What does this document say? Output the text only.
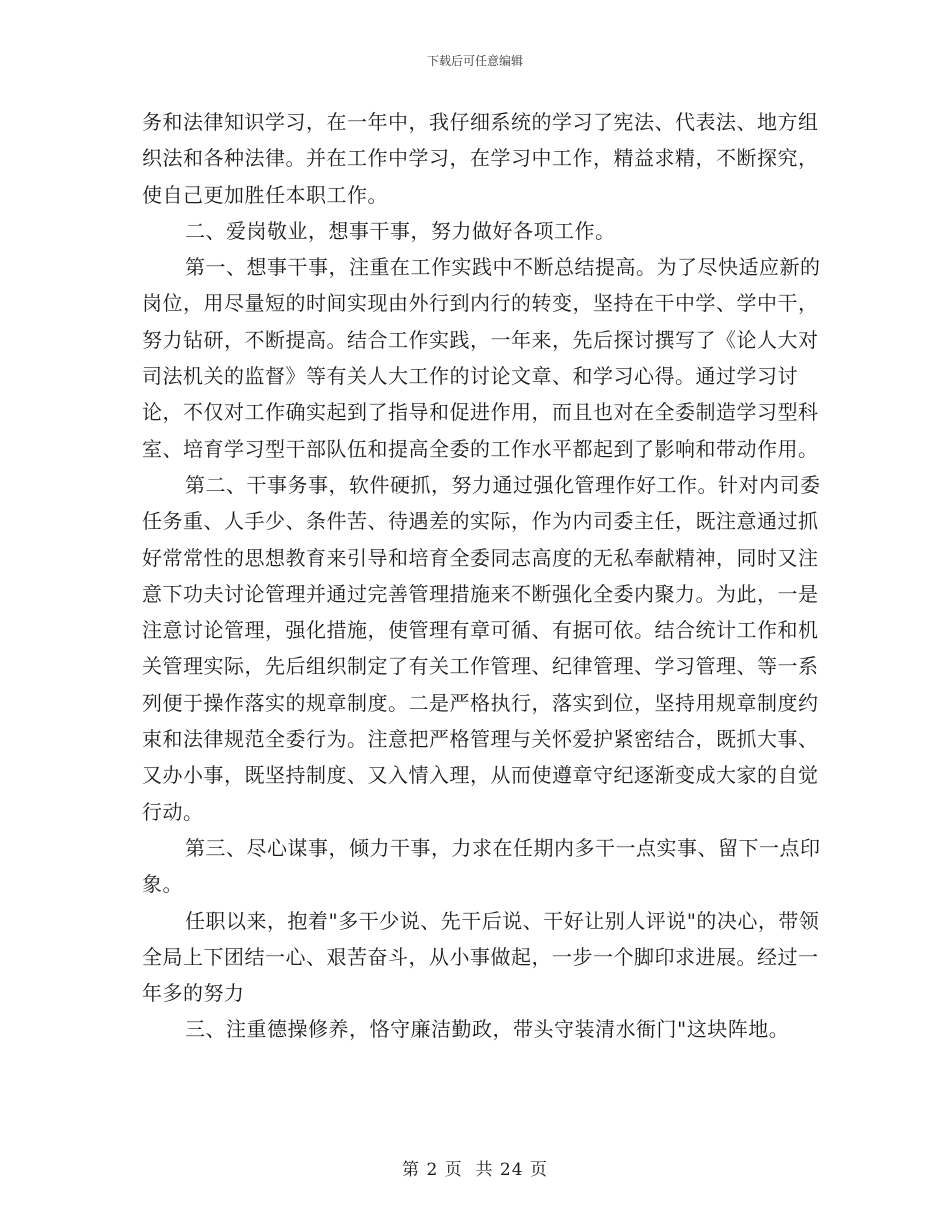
下载后可任意编辑

务和法律知识学习，在一年中，我仔细系统的学习了宪法、代表法、地方组织法和各种法律。并在工作中学习，在学习中工作，精益求精，不断探究，使自己更加胜任本职工作。

二、爱岗敬业，想事干事，努力做好各项工作。

第一、想事干事，注重在工作实践中不断总结提高。为了尽快适应新的岗位，用尽量短的时间实现由外行到内行的转变，坚持在干中学、学中干，努力钻研，不断提高。结合工作实践，一年来，先后探讨撰写了《论人大对司法机关的监督》等有关人大工作的讨论文章、和学习心得。通过学习讨论，不仅对工作确实起到了指导和促进作用，而且也对在全委制造学习型科室、培育学习型干部队伍和提高全委的工作水平都起到了影响和带动作用。

第二、干事务事，软件硬抓，努力通过强化管理作好工作。针对内司委任务重、人手少、条件苦、待遇差的实际，作为内司委主任，既注意通过抓好常常性的思想教育来引导和培育全委同志高度的无私奉献精神，同时又注意下功夫讨论管理并通过完善管理措施来不断强化全委内聚力。为此，一是注意讨论管理，强化措施，使管理有章可循、有据可依。结合统计工作和机关管理实际，先后组织制定了有关工作管理、纪律管理、学习管理、等一系列便于操作落实的规章制度。二是严格执行，落实到位，坚持用规章制度约束和法律规范全委行为。注意把严格管理与关怀爱护紧密结合，既抓大事、又办小事，既坚持制度、又入情入理，从而使遵章守纪逐渐变成大家的自觉行动。

第三、尽心谋事，倾力干事，力求在任期内多干一点实事、留下一点印象。

任职以来，抱着"多干少说、先干后说、干好让别人评说"的决心，带领全局上下团结一心、艰苦奋斗，从小事做起，一步一个脚印求进展。经过一年多的努力

三、注重德操修养，恪守廉洁勤政，带头守装清水衙门"这块阵地。

第 2 页  共 24 页
